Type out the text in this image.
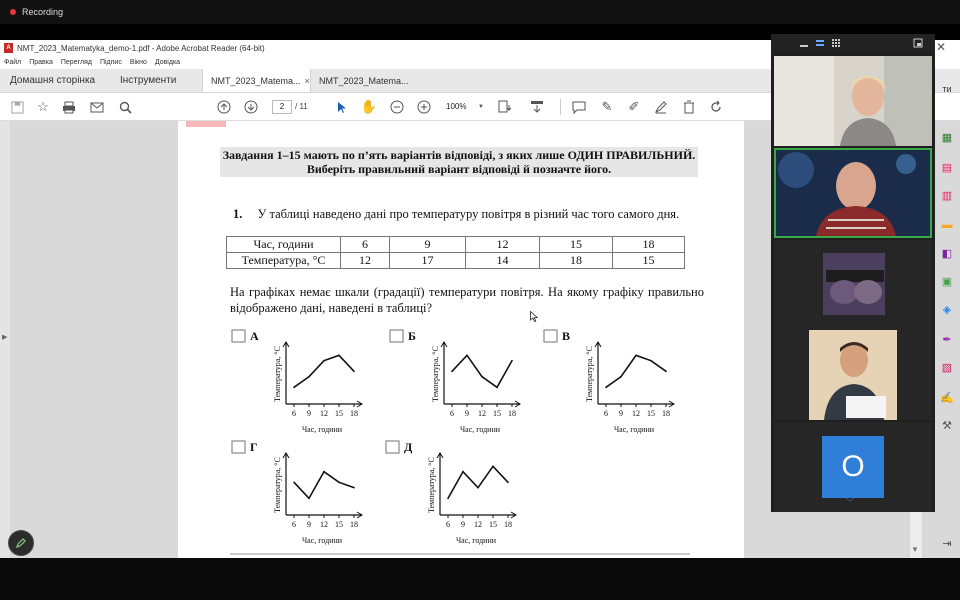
Recording
A NMT_2023_Matematyka_demo-1.pdf - Adobe Acrobat Reader (64-bit)
Файл Правка Перегляд Підпис Вікно Довідка
Домашня сторінка	Інструменти	NMT_2023_Matema... × NMT_2023_Matema...
☆	2	/ 11	✋	100% ▼	✎ ✐
▶
Завдання 1–15 мають по п’ять варіантів відповіді, з яких лише ОДИН ПРАВИЛЬНИЙ. Виберіть правильний варіант відповіді й позначте його.
1. У таблиці наведено дані про температуру повітря в різний час того самого дня.
Час, години	6	9	12	15	18
Температура, °С	12	17	14	18	15
На графіках немає шкали (градації) температури повітря. На якому графіку правильно відображено дані, наведені в таблиці?
А
Температура, °С
6 9 12 15 18
Час, години
Б
Температура, °С
6 9 12 15 18
Час, години
В
Температура, °С
6 9 12 15 18
Час, години
Г
Температура, °С
6 9 12 15 18
Час, години
Д
Температура, °С
6 9 12 15 18
Час, години
▼
О
﹀
✕
ти
▦
▤
▥
▬
◧
▣
◈
✒
▧
✍
⚒
⇥
